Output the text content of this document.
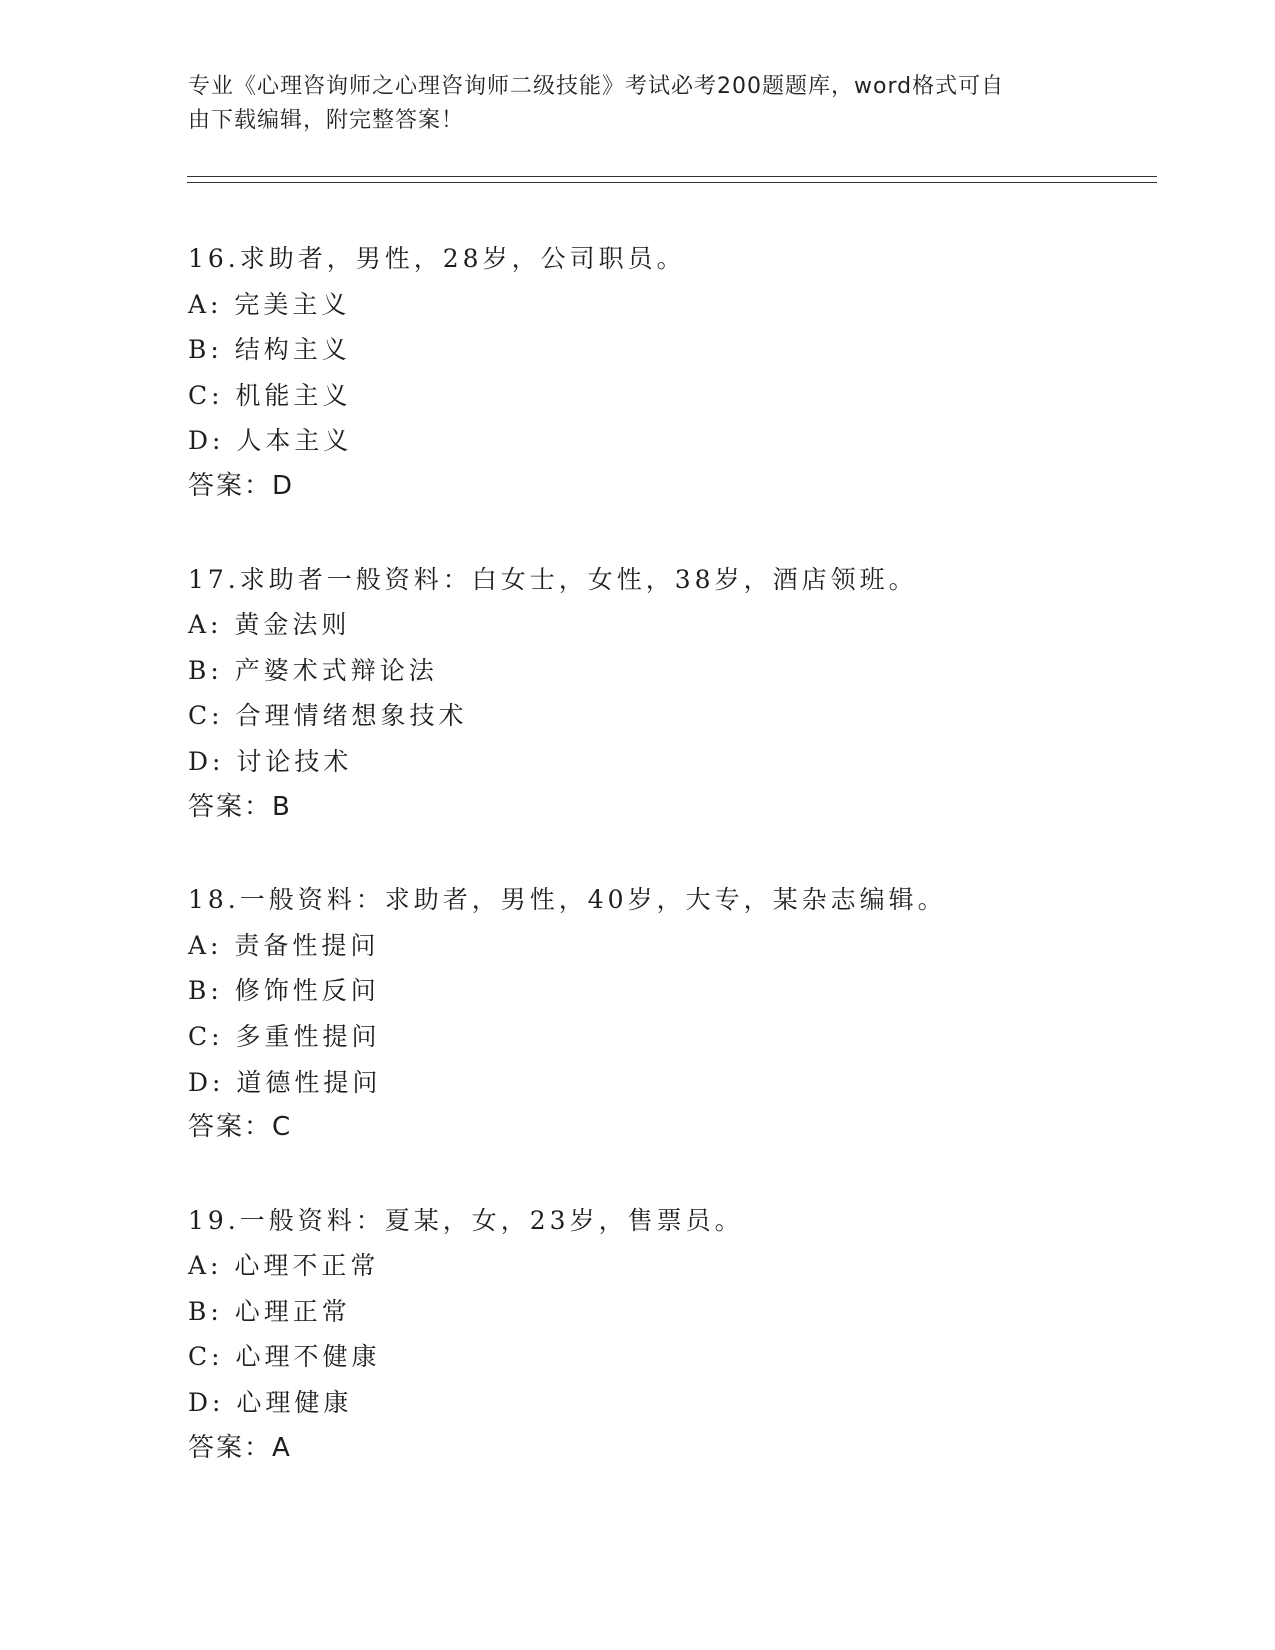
专业《心理咨询师之心理咨询师二级技能》考试必考200题题库，word格式可自
由下载编辑，附完整答案！
16.求助者，男性，28岁，公司职员。
A: 完美主义
B: 结构主义
C: 机能主义
D: 人本主义
答案：D
17.求助者一般资料：白女士，女性，38岁，酒店领班。
A: 黄金法则
B: 产婆术式辩论法
C: 合理情绪想象技术
D: 讨论技术
答案：B
18.一般资料：求助者，男性，40岁，大专，某杂志编辑。
A: 责备性提问
B: 修饰性反问
C: 多重性提问
D: 道德性提问
答案：C
19.一般资料：夏某，女，23岁，售票员。
A: 心理不正常
B: 心理正常
C: 心理不健康
D: 心理健康
答案：A
